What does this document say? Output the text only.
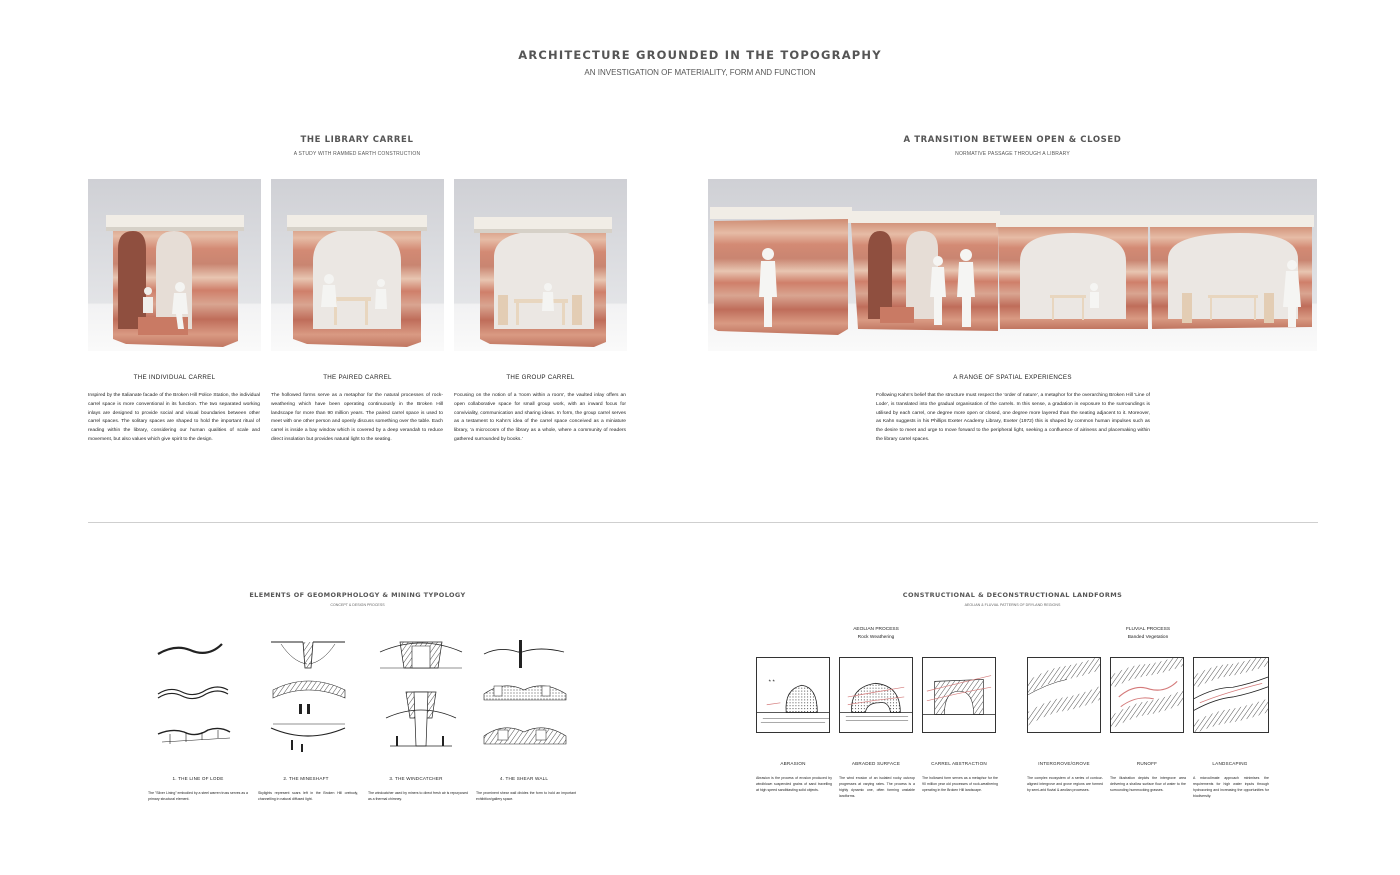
ARCHITECTURE GROUNDED IN THE TOPOGRAPHY
AN INVESTIGATION OF MATERIALITY, FORM AND FUNCTION
THE LIBRARY CARREL
A STUDY WITH RAMMED EARTH CONSTRUCTION
THE INDIVIDUAL CARREL	THE PAIRED CARREL	THE GROUP CARREL
Inspired by the Italianate facade of the Broken Hill Police Station, the individual carrel space is more conventional in its function. The two separated working inlays are designed to provide social and visual boundaries between other carrel spaces. The solitary spaces are shaped to hold the important ritual of reading within the library, considering our human qualities of scale and movement, but also values which give spirit to the design.
The hollowed forms serve as a metaphor for the natural processes of rock-weathering which have been operating continuously in the Broken Hill landscape for more than 90 million years. The paired carrel space is used to meet with one other person and openly discuss something over the table. Each carrel is inside a bay window which is covered by a deep verandah to reduce direct insolation but provides natural light to the seating.
Focusing on the notion of a 'room within a room', the vaulted inlay offers an open collaborative space for small group work, with an inward focus for conviviality, communication and sharing ideas. In form, the group carrel serves as a testament to Kahn's idea of the carrel space conceived as a miniature library, 'a microcosm of the library as a whole, where a community of readers gathered surrounded by books.'
A TRANSITION BETWEEN OPEN & CLOSED
NORMATIVE PASSAGE THROUGH A LIBRARY
A RANGE OF SPATIAL EXPERIENCES
Following Kahn's belief that the structure must respect the 'order of nature', a metaphor for the overarching Broken Hill 'Line of Lode', is translated into the gradual organisation of the carrels. In this sense, a gradation in exposure to the surroundings is utilised by each carrel, one degree more open or closed, one degree more layered than the seating adjacent to it. Moreover, as Kahn suggests in his Phillips Exeter Academy Library, Exeter (1972) this is shaped by common human impulses such as the desire to meet and urge to move forward to the peripheral light, seeking a confluence of airiness and placemaking within the library carrel spaces.
ELEMENTS OF GEOMORPHOLOGY & MINING TYPOLOGY
CONCEPT & DESIGN PROCESS
1. THE LINE OF LODE	2. THE MINESHAFT	3. THE WINDCATCHER	4. THE SHEAR WALL
The "Silver Lining" embodied by a steel warren truss serves as a primary structural element.
Skylights represent scars left in the Broken Hill orebody, channelling in natural diffused light.
The windcatcher used by miners to direct fresh air is repurposed as a thermal chimney.
The prominent shear wall divides the form to hold an important exhibition/gallery space.
CONSTRUCTIONAL & DECONSTRUCTIONAL LANDFORMS
AEOLIAN & FLUVIAL PATTERNS OF DRYLAND REGIONS
AEOLIAN PROCESS
Rock Weathering
FLUVIAL PROCESS
Banded Vegetation
* *
ABRASION	ABRADED SURFACE	CARREL ABSTRACTION	INTERGROVE/GROVE	RUNOFF	LANDSCAPING
Abrasion is the process of erosion produced by windblown suspended grains of sand travelling at high speed sandblasting solid objects.
The wind erosion of an isolated rocky outcrop progresses at varying rates. The process is a highly dynamic one, often forming unstable landforms.
The hollowed form serves as a metaphor for the 90 million year old processes of rock-weathering operating in the Broken Hill landscape.
The complex ecosystem of a series of contour-aligned intergrove and grove regions are formed by semi-arid fluvial & aeolian processes.
The illustration depicts the intergrove area delivering a shallow surface flow of water to the surrounding hummocking grasses.
A microclimate approach minimises the requirements for high water inputs through hydrozoning and increasing the opportunities for biodiversity.
